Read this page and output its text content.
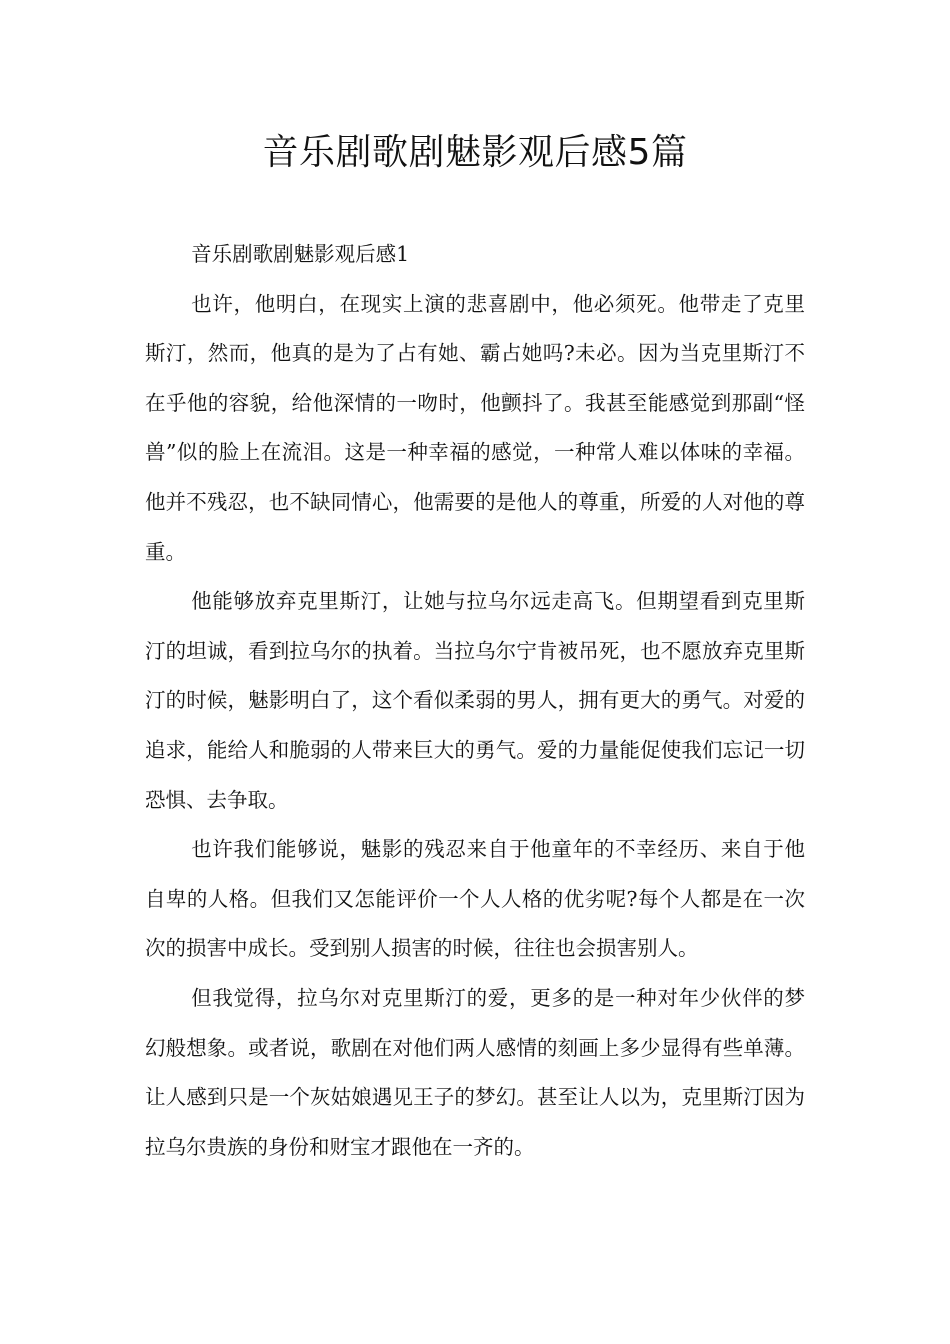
音乐剧歌剧魅影观后感5篇

音乐剧歌剧魅影观后感1

也许，他明白，在现实上演的悲喜剧中，他必须死。他带走了克里斯汀，然而，他真的是为了占有她、霸占她吗?未必。因为当克里斯汀不在乎他的容貌，给他深情的一吻时，他颤抖了。我甚至能感觉到那副“怪兽”似的脸上在流泪。这是一种幸福的感觉，一种常人难以体味的幸福。他并不残忍，也不缺同情心，他需要的是他人的尊重，所爱的人对他的尊重。

他能够放弃克里斯汀，让她与拉乌尔远走高飞。但期望看到克里斯汀的坦诚，看到拉乌尔的执着。当拉乌尔宁肯被吊死，也不愿放弃克里斯汀的时候，魅影明白了，这个看似柔弱的男人，拥有更大的勇气。对爱的追求，能给人和脆弱的人带来巨大的勇气。爱的力量能促使我们忘记一切恐惧、去争取。

也许我们能够说，魅影的残忍来自于他童年的不幸经历、来自于他自卑的人格。但我们又怎能评价一个人人格的优劣呢?每个人都是在一次次的损害中成长。受到别人损害的时候，往往也会损害别人。

但我觉得，拉乌尔对克里斯汀的爱，更多的是一种对年少伙伴的梦幻般想象。或者说，歌剧在对他们两人感情的刻画上多少显得有些单薄。让人感到只是一个灰姑娘遇见王子的梦幻。甚至让人以为，克里斯汀因为拉乌尔贵族的身份和财宝才跟他在一齐的。
